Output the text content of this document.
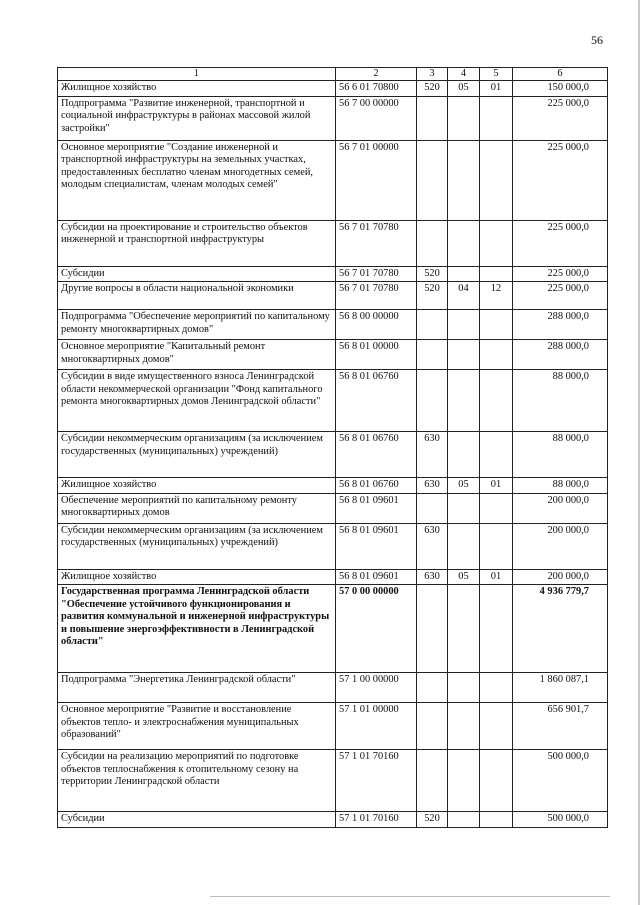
56
1	2	3	4	5	6
Жилищное хозяйство	56 6 01 70800	520	05	01	150 000,0
Подпрограмма "Развитие инженерной, транспортной и социальной инфраструктуры в районах массовой жилой застройки"	56 7 00 00000				225 000,0
Основное мероприятие "Создание инженерной и транспортной инфраструктуры на земельных участках, предоставленных бесплатно членам многодетных семей, молодым специалистам, членам молодых семей"	56 7 01 00000				225 000,0
Субсидии на проектирование и строительство объектов инженерной и транспортной инфраструктуры	56 7 01 70780				225 000,0
Субсидии	56 7 01 70780	520			225 000,0
Другие вопросы в области национальной экономики	56 7 01 70780	520	04	12	225 000,0
Подпрограмма "Обеспечение мероприятий по капитальному ремонту многоквартирных домов"	56 8 00 00000				288 000,0
Основное мероприятие "Капитальный ремонт многоквартирных домов"	56 8 01 00000				288 000,0
Субсидии в виде имущественного взноса Ленинградской области некоммерческой организации "Фонд капитального ремонта многоквартирных домов Ленинградской области"	56 8 01 06760				88 000,0
Субсидии некоммерческим организациям (за исключением государственных (муниципальных) учреждений)	56 8 01 06760	630			88 000,0
Жилищное хозяйство	56 8 01 06760	630	05	01	88 000,0
Обеспечение мероприятий по капитальному ремонту многоквартирных домов	56 8 01 09601				200 000,0
Субсидии некоммерческим организациям (за исключением государственных (муниципальных) учреждений)	56 8 01 09601	630			200 000,0
Жилищное хозяйство	56 8 01 09601	630	05	01	200 000,0
Государственная программа Ленинградской области "Обеспечение устойчивого функционирования и развития коммунальной и инженерной инфраструктуры и повышение энергоэффективности в Ленинградской области"	57 0 00 00000				4 936 779,7
Подпрограмма "Энергетика Ленинградской области"	57 1 00 00000				1 860 087,1
Основное мероприятие "Развитие и восстановление объектов тепло- и электроснабжения муниципальных образований"	57 1 01 00000				656 901,7
Субсидии на реализацию мероприятий по подготовке объектов теплоснабжения к отопительному сезону на территории Ленинградской области	57 1 01 70160				500 000,0
Субсидии	57 1 01 70160	520			500 000,0
